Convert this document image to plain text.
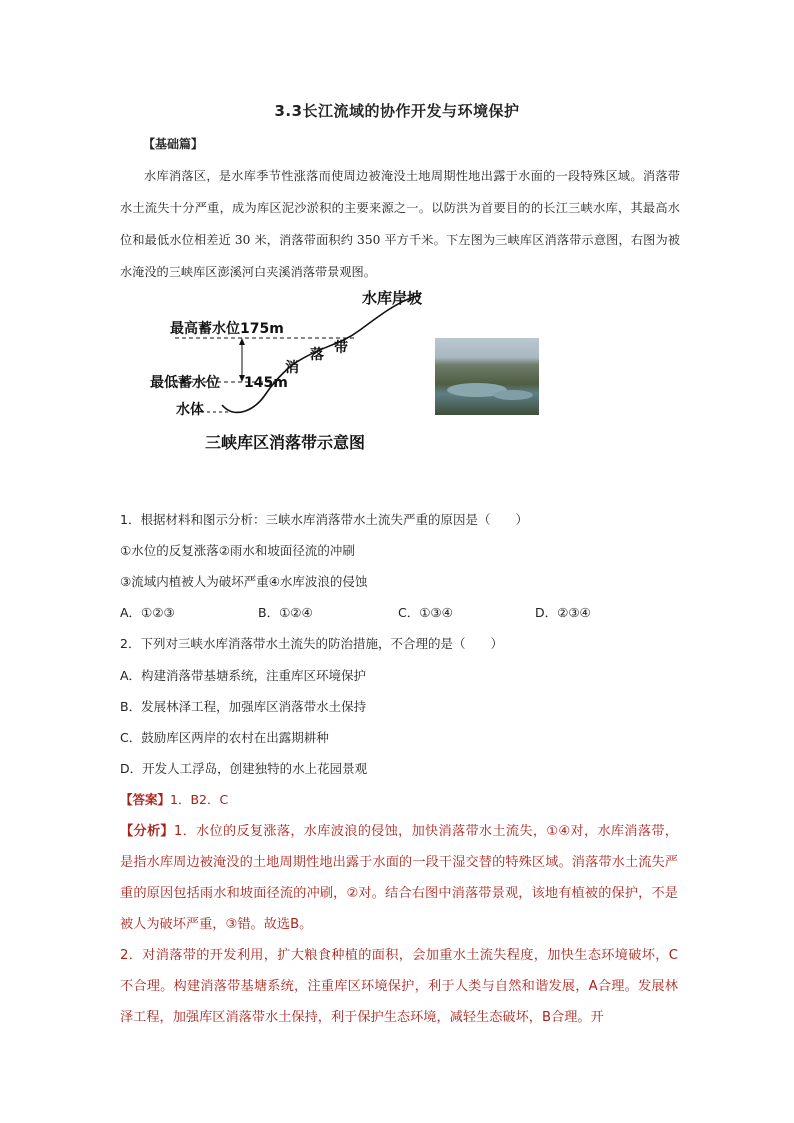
3.3长江流域的协作开发与环境保护
【基础篇】
水库消落区，是水库季节性涨落而使周边被淹没土地周期性地出露于水面的一段特殊区域。消落带水土流失十分严重，成为库区泥沙淤积的主要来源之一。以防洪为首要目的的长江三峡水库，其最高水位和最低水位相差近 30 米，消落带面积约 350 平方千米。下左图为三峡库区消落带示意图，右图为被水淹没的三峡库区澎溪河白夹溪消落带景观图。
水库岸坡
最高蓄水位175m
最低蓄水位 145m
水体
消
落 带
三峡库区消落带示意图
1．根据材料和图示分析：三峡水库消落带水土流失严重的原因是（　　）
①水位的反复涨落②雨水和坡面径流的冲刷
③流域内植被人为破坏严重④水库波浪的侵蚀
A．①②③	B．①②④	C．①③④	D．②③④
2．下列对三峡水库消落带水土流失的防治措施，不合理的是（　　）
A．构建消落带基塘系统，注重库区环境保护
B．发展林泽工程，加强库区消落带水土保持
C．鼓励库区两岸的农村在出露期耕种
D．开发人工浮岛，创建独特的水上花园景观
【答案】1．B2．C

【分析】1．水位的反复涨落，水库波浪的侵蚀，加快消落带水土流失，①④对，水库消落带，是指水库周边被淹没的土地周期性地出露于水面的一段干湿交替的特殊区域。消落带水土流失严重的原因包括雨水和坡面径流的冲刷，②对。结合右图中消落带景观，该地有植被的保护，不是被人为破坏严重，③错。故选B。

2．对消落带的开发利用，扩大粮食种植的面积，会加重水土流失程度，加快生态环境破坏，C不合理。构建消落带基塘系统，注重库区环境保护，利于人类与自然和谐发展，A合理。发展林泽工程，加强库区消落带水土保持，利于保护生态环境，减轻生态破坏，B合理。开
